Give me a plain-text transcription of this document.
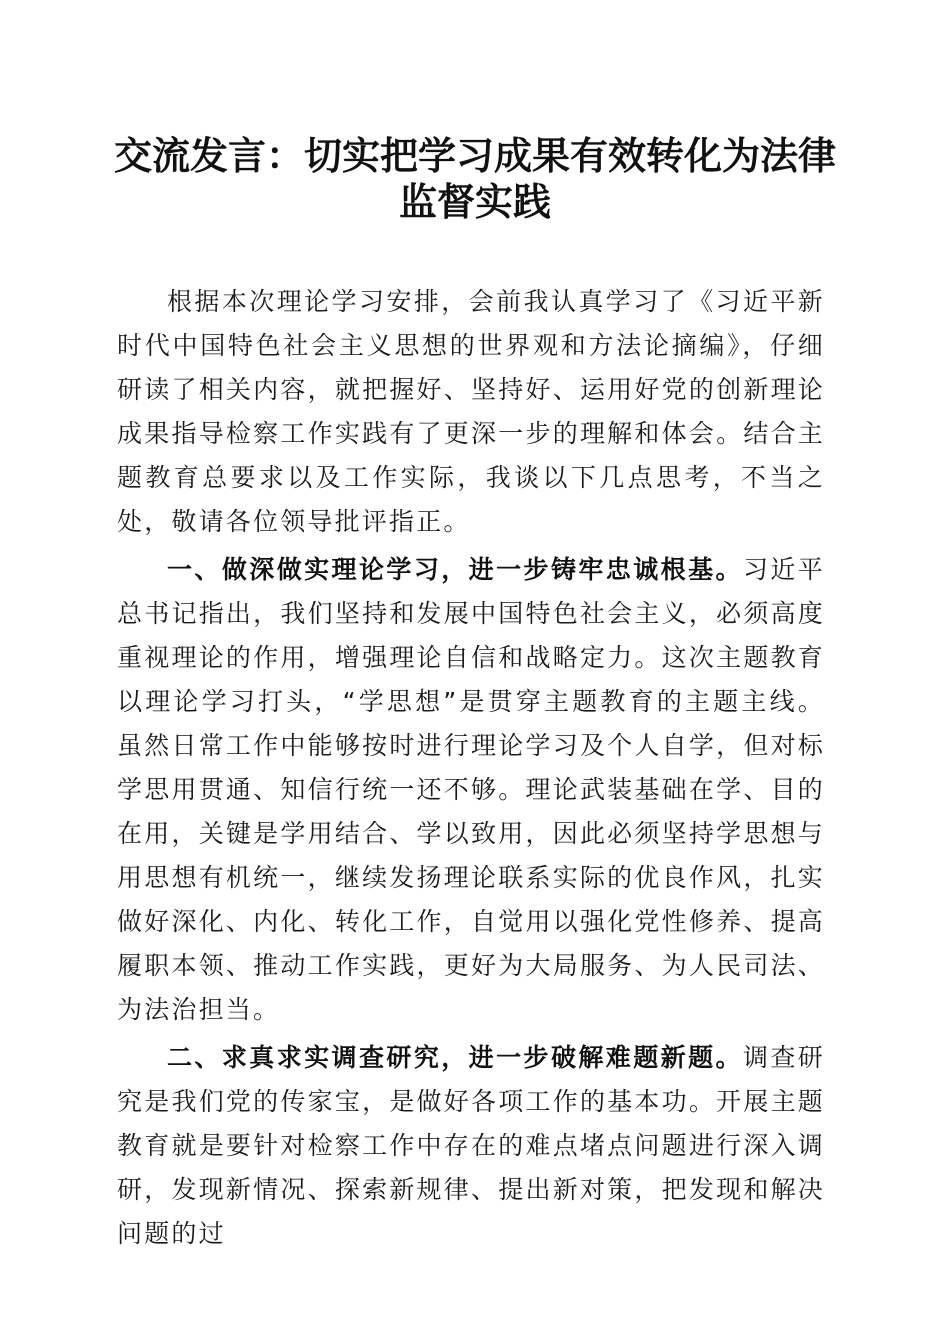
交流发言：切实把学习成果有效转化为法律监督实践

根据本次理论学习安排，会前我认真学习了《习近平新时代中国特色社会主义思想的世界观和方法论摘编》，仔细研读了相关内容，就把握好、坚持好、运用好党的创新理论成果指导检察工作实践有了更深一步的理解和体会。结合主题教育总要求以及工作实际，我谈以下几点思考，不当之处，敬请各位领导批评指正。

一、做深做实理论学习，进一步铸牢忠诚根基。习近平总书记指出，我们坚持和发展中国特色社会主义，必须高度重视理论的作用，增强理论自信和战略定力。这次主题教育以理论学习打头，“学思想”是贯穿主题教育的主题主线。虽然日常工作中能够按时进行理论学习及个人自学，但对标学思用贯通、知信行统一还不够。理论武装基础在学、目的在用，关键是学用结合、学以致用，因此必须坚持学思想与用思想有机统一，继续发扬理论联系实际的优良作风，扎实做好深化、内化、转化工作，自觉用以强化党性修养、提高履职本领、推动工作实践，更好为大局服务、为人民司法、为法治担当。

二、求真求实调查研究，进一步破解难题新题。调查研究是我们党的传家宝，是做好各项工作的基本功。开展主题教育就是要针对检察工作中存在的难点堵点问题进行深入调研，发现新情况、探索新规律、提出新对策，把发现和解决问题的过
